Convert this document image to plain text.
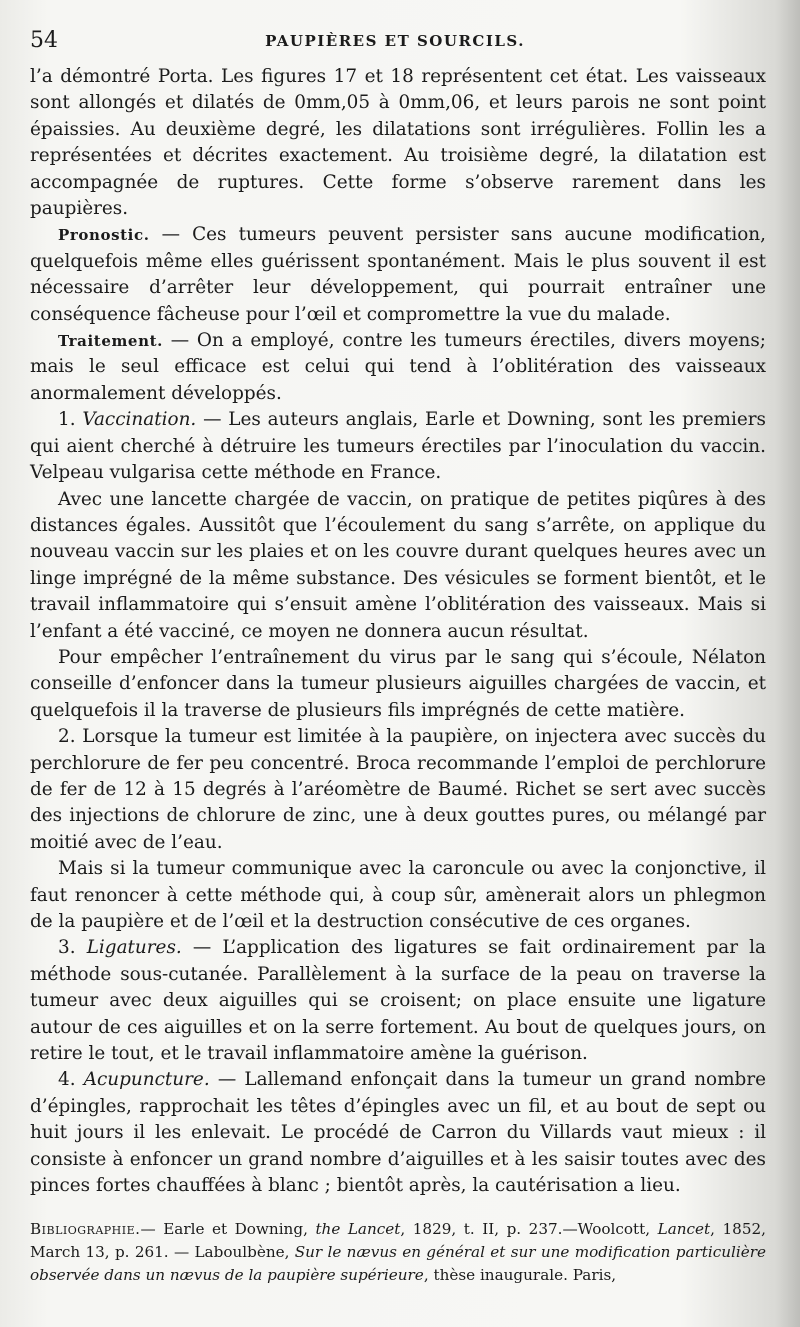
54	PAUPIÈRES ET SOURCILS.

l’a démontré Porta. Les figures 17 et 18 représentent cet état. Les vaisseaux sont allongés et dilatés de 0mm,05 à 0mm,06, et leurs parois ne sont point épaissies. Au deuxième degré, les dilatations sont irrégulières. Follin les a représentées et décrites exactement. Au troisième degré, la dilatation est accompagnée de ruptures. Cette forme s’observe rarement dans les paupières.

Pronostic. — Ces tumeurs peuvent persister sans aucune modification, quelquefois même elles guérissent spontanément. Mais le plus souvent il est nécessaire d’arrêter leur développement, qui pourrait entraîner une conséquence fâcheuse pour l’œil et compromettre la vue du malade.

Traitement. — On a employé, contre les tumeurs érectiles, divers moyens; mais le seul efficace est celui qui tend à l’oblitération des vaisseaux anormalement développés.

1. Vaccination. — Les auteurs anglais, Earle et Downing, sont les premiers qui aient cherché à détruire les tumeurs érectiles par l’inoculation du vaccin. Velpeau vulgarisa cette méthode en France.

Avec une lancette chargée de vaccin, on pratique de petites piqûres à des distances égales. Aussitôt que l’écoulement du sang s’arrête, on applique du nouveau vaccin sur les plaies et on les couvre durant quelques heures avec un linge imprégné de la même substance. Des vésicules se forment bientôt, et le travail inflammatoire qui s’ensuit amène l’oblitération des vaisseaux. Mais si l’enfant a été vacciné, ce moyen ne donnera aucun résultat.

Pour empêcher l’entraînement du virus par le sang qui s’écoule, Nélaton conseille d’enfoncer dans la tumeur plusieurs aiguilles chargées de vaccin, et quelquefois il la traverse de plusieurs fils imprégnés de cette matière.

2. Lorsque la tumeur est limitée à la paupière, on injectera avec succès du perchlorure de fer peu concentré. Broca recommande l’emploi de perchlorure de fer de 12 à 15 degrés à l’aréomètre de Baumé. Richet se sert avec succès des injections de chlorure de zinc, une à deux gouttes pures, ou mélangé par moitié avec de l’eau.

Mais si la tumeur communique avec la caroncule ou avec la conjonctive, il faut renoncer à cette méthode qui, à coup sûr, amènerait alors un phlegmon de la paupière et de l’œil et la destruction consécutive de ces organes.

3. Ligatures. — L’application des ligatures se fait ordinairement par la méthode sous-cutanée. Parallèlement à la surface de la peau on traverse la tumeur avec deux aiguilles qui se croisent; on place ensuite une ligature autour de ces aiguilles et on la serre fortement. Au bout de quelques jours, on retire le tout, et le travail inflammatoire amène la guérison.

4. Acupuncture. — Lallemand enfonçait dans la tumeur un grand nombre d’épingles, rapprochait les têtes d’épingles avec un fil, et au bout de sept ou huit jours il les enlevait. Le procédé de Carron du Villards vaut mieux : il consiste à enfoncer un grand nombre d’aiguilles et à les saisir toutes avec des pinces fortes chauffées à blanc ; bientôt après, la cautérisation a lieu.

Bibliographie.— Earle et Downing, the Lancet, 1829, t. II, p. 237.—Woolcott, Lancet, 1852, March 13, p. 261. — Laboulbène, Sur le nævus en général et sur une modification particulière observée dans un nævus de la paupière supérieure, thèse inaugurale. Paris,
